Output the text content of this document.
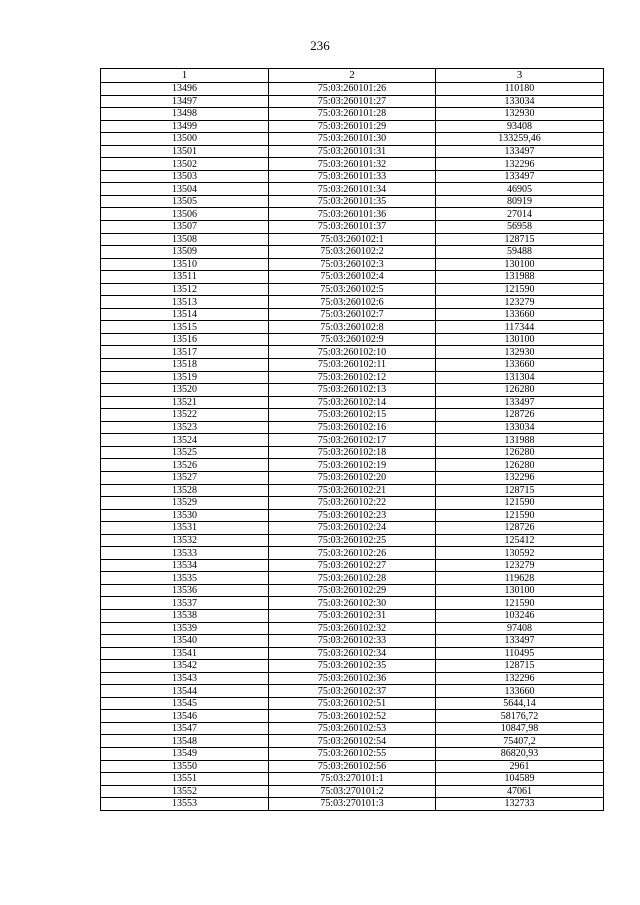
236
1	2	3
13496	75:03:260101:26	110180
13497	75:03:260101:27	133034
13498	75:03:260101:28	132930
13499	75:03:260101:29	93408
13500	75:03:260101:30	133259,46
13501	75:03:260101:31	133497
13502	75:03:260101:32	132296
13503	75:03:260101:33	133497
13504	75:03:260101:34	46905
13505	75:03:260101:35	80919
13506	75:03:260101:36	27014
13507	75:03:260101:37	56958
13508	75:03:260102:1	128715
13509	75:03:260102:2	59488
13510	75:03:260102:3	130100
13511	75:03:260102:4	131988
13512	75:03:260102:5	121590
13513	75:03:260102:6	123279
13514	75:03:260102:7	133660
13515	75:03:260102:8	117344
13516	75:03:260102:9	130100
13517	75:03:260102:10	132930
13518	75:03:260102:11	133660
13519	75:03:260102:12	131304
13520	75:03:260102:13	126280
13521	75:03:260102:14	133497
13522	75:03:260102:15	128726
13523	75:03:260102:16	133034
13524	75:03:260102:17	131988
13525	75:03:260102:18	126280
13526	75:03:260102:19	126280
13527	75:03:260102:20	132296
13528	75:03:260102:21	128715
13529	75:03:260102:22	121590
13530	75:03:260102:23	121590
13531	75:03:260102:24	128726
13532	75:03:260102:25	125412
13533	75:03:260102:26	130592
13534	75:03:260102:27	123279
13535	75:03:260102:28	119628
13536	75:03:260102:29	130100
13537	75:03:260102:30	121590
13538	75:03:260102:31	103246
13539	75:03:260102:32	97408
13540	75:03:260102:33	133497
13541	75:03:260102:34	110495
13542	75:03:260102:35	128715
13543	75:03:260102:36	132296
13544	75:03:260102:37	133660
13545	75:03:260102:51	5644,14
13546	75:03:260102:52	58176,72
13547	75:03:260102:53	10847,98
13548	75:03:260102:54	75407,2
13549	75:03:260102:55	86820,93
13550	75:03:260102:56	2961
13551	75:03:270101:1	104589
13552	75:03:270101:2	47061
13553	75:03:270101:3	132733
